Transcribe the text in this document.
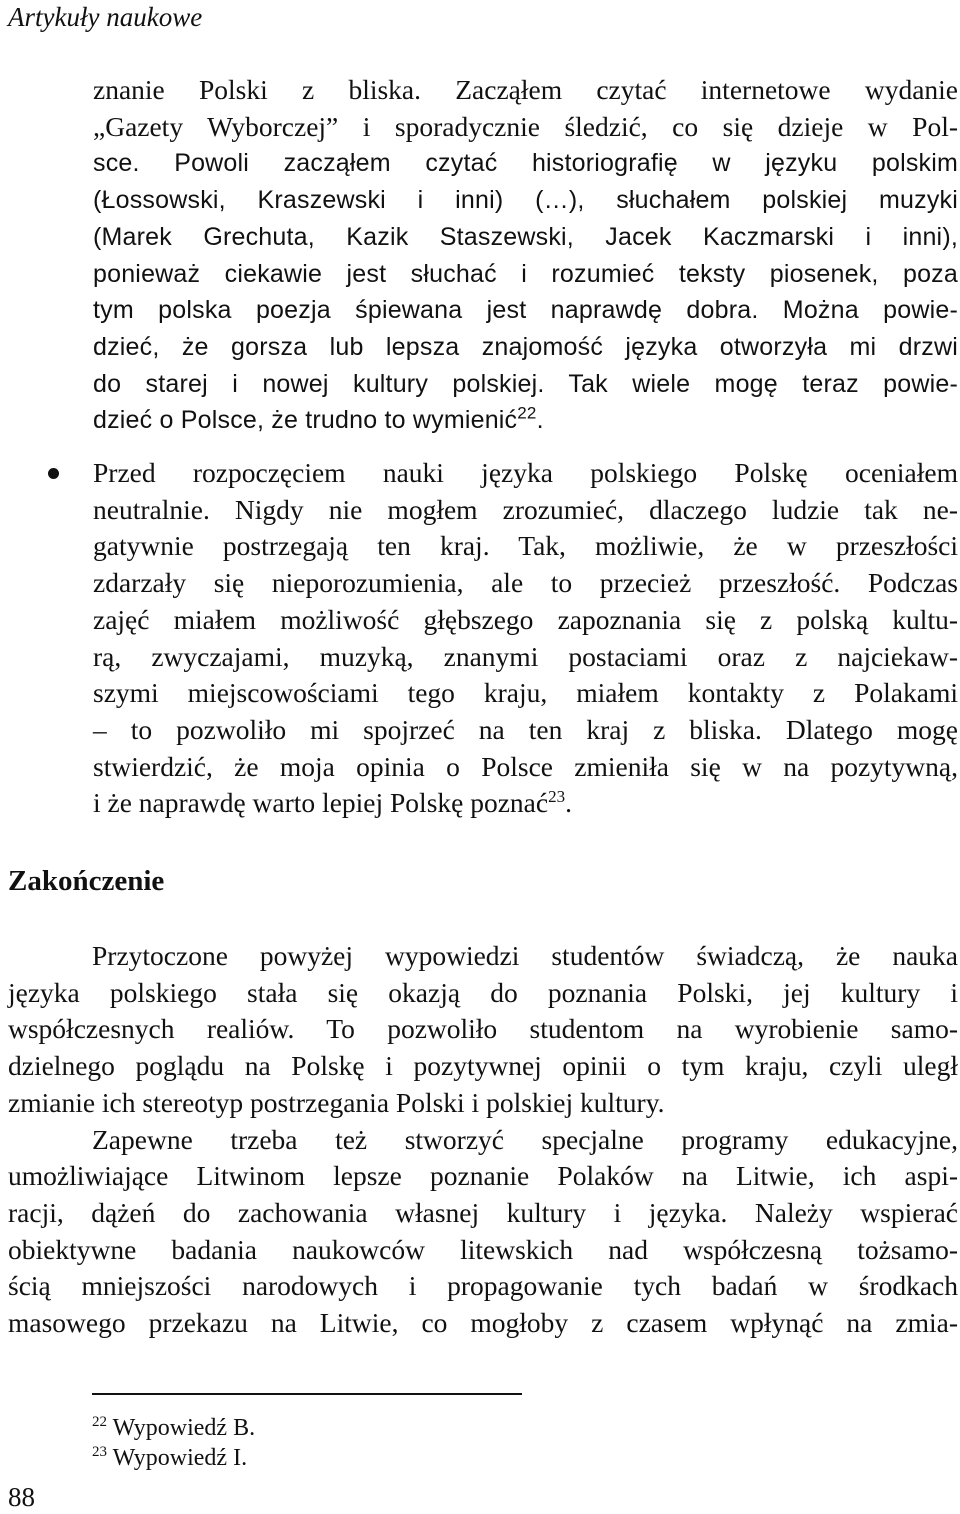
Artykuły naukowe
znanie Polski z bliska. Zacząłem czytać internetowe wydanie
„Gazety Wyborczej” i sporadycznie śledzić, co się dzieje w Pol-
sce. Powoli zacząłem czytać historiografię w języku polskim
(Łossowski, Kraszewski i inni) (…), słuchałem polskiej muzyki
(Marek Grechuta, Kazik Staszewski, Jacek Kaczmarski i inni),
ponieważ ciekawie jest słuchać i rozumieć teksty piosenek, poza
tym polska poezja śpiewana jest naprawdę dobra. Można powie-
dzieć, że gorsza lub lepsza znajomość języka otworzyła mi drzwi
do starej i nowej kultury polskiej. Tak wiele mogę teraz powie-
dzieć o Polsce, że trudno to wymienić$^{22}$.
Przed rozpoczęciem nauki języka polskiego Polskę oceniałem
neutralnie. Nigdy nie mogłem zrozumieć, dlaczego ludzie tak ne-
gatywnie postrzegają ten kraj. Tak, możliwie, że w przeszłości
zdarzały się nieporozumienia, ale to przecież przeszłość. Podczas
zajęć miałem możliwość głębszego zapoznania się z polską kultu-
rą, zwyczajami, muzyką, znanymi postaciami oraz z najciekaw-
szymi miejscowościami tego kraju, miałem kontakty z Polakami
– to pozwoliło mi spojrzeć na ten kraj z bliska. Dlatego mogę
stwierdzić, że moja opinia o Polsce zmieniła się w na pozytywną,
i że naprawdę warto lepiej Polskę poznać$^{23}$.
Zakończenie
Przytoczone powyżej wypowiedzi studentów świadczą, że nauka
języka polskiego stała się okazją do poznania Polski, jej kultury i
współczesnych realiów. To pozwoliło studentom na wyrobienie samo-
dzielnego poglądu na Polskę i pozytywnej opinii o tym kraju, czyli uległ
zmianie ich stereotyp postrzegania Polski i polskiej kultury.
Zapewne trzeba też stworzyć specjalne programy edukacyjne,
umożliwiające Litwinom lepsze poznanie Polaków na Litwie, ich aspi-
racji, dążeń do zachowania własnej kultury i języka. Należy wspierać
obiektywne badania naukowców litewskich nad współczesną tożsamo-
ścią mniejszości narodowych i propagowanie tych badań w środkach
masowego przekazu na Litwie, co mogłoby z czasem wpłynąć na zmia-
$^{22}$ Wypowiedź B.
$^{23}$ Wypowiedź I.
88
